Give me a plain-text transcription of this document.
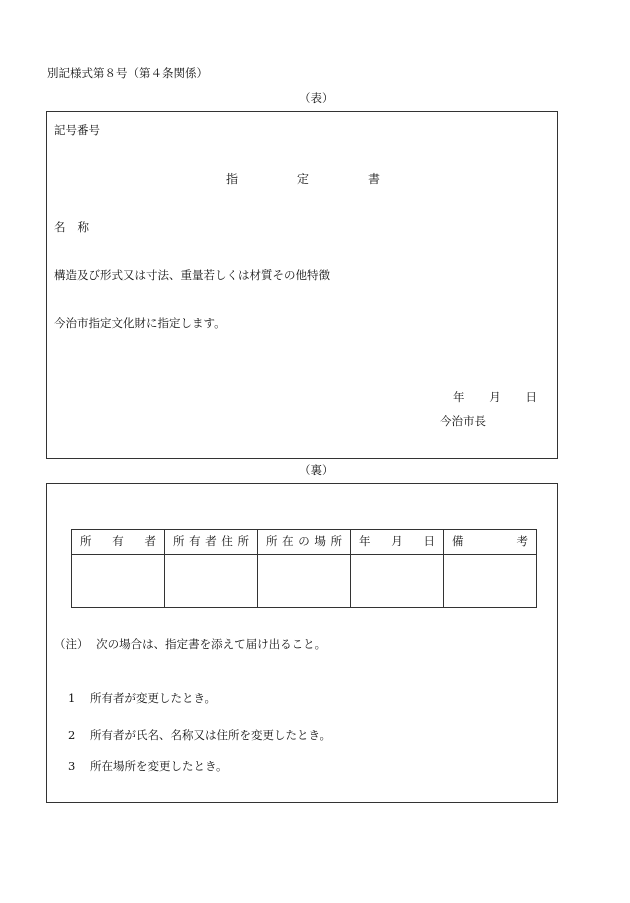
別記様式第８号（第４条関係）
（表）
記号番号
指	定	書
名 称
構造及び形式又は寸法、重量若しくは材質その他特徴
今治市指定文化財に指定します。
年 月 日
今治市長
（裏）
所 有 者	所 有 者 住 所	所 在 の 場 所	年 月 日	備 考

（注） 次の場合は、指定書を添えて届け出ること。
1 所有者が変更したとき。
2 所有者が氏名、名称又は住所を変更したとき。
3 所在場所を変更したとき。
